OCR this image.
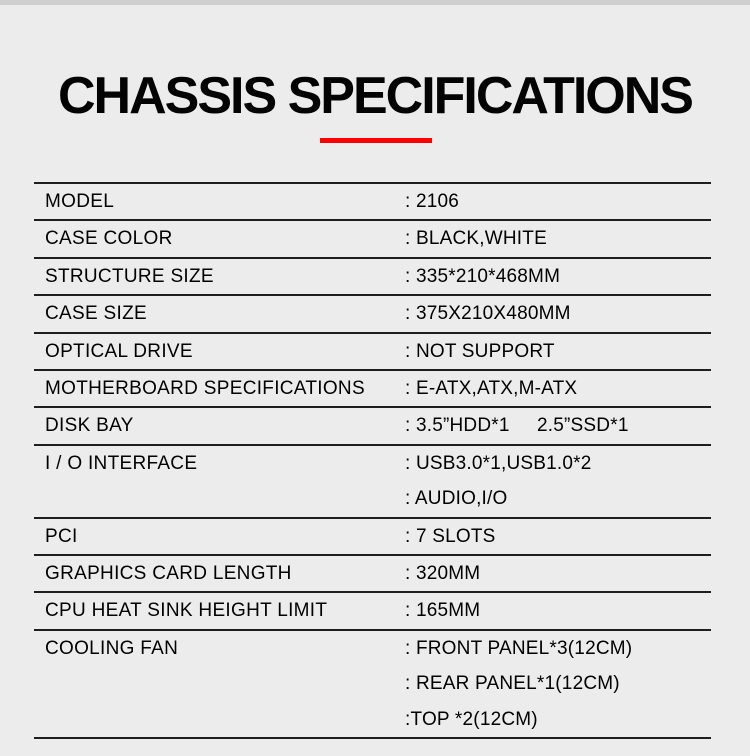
CHASSIS SPECIFICATIONS
MODEL	: 2106
CASE COLOR	: BLACK,WHITE
STRUCTURE SIZE	: 335*210*468MM
CASE SIZE	: 375X210X480MM
OPTICAL DRIVE	: NOT SUPPORT
MOTHERBOARD SPECIFICATIONS	: E-ATX,ATX,M-ATX
DISK BAY	: 3.5”HDD*1     2.5”SSD*1
I / O INTERFACE	: USB3.0*1,USB1.0*2
: AUDIO,I/O
PCI	: 7 SLOTS
GRAPHICS CARD LENGTH	: 320MM
CPU HEAT SINK HEIGHT LIMIT	: 165MM
COOLING FAN	: FRONT PANEL*3(12CM)
: REAR PANEL*1(12CM)
:TOP *2(12CM)
